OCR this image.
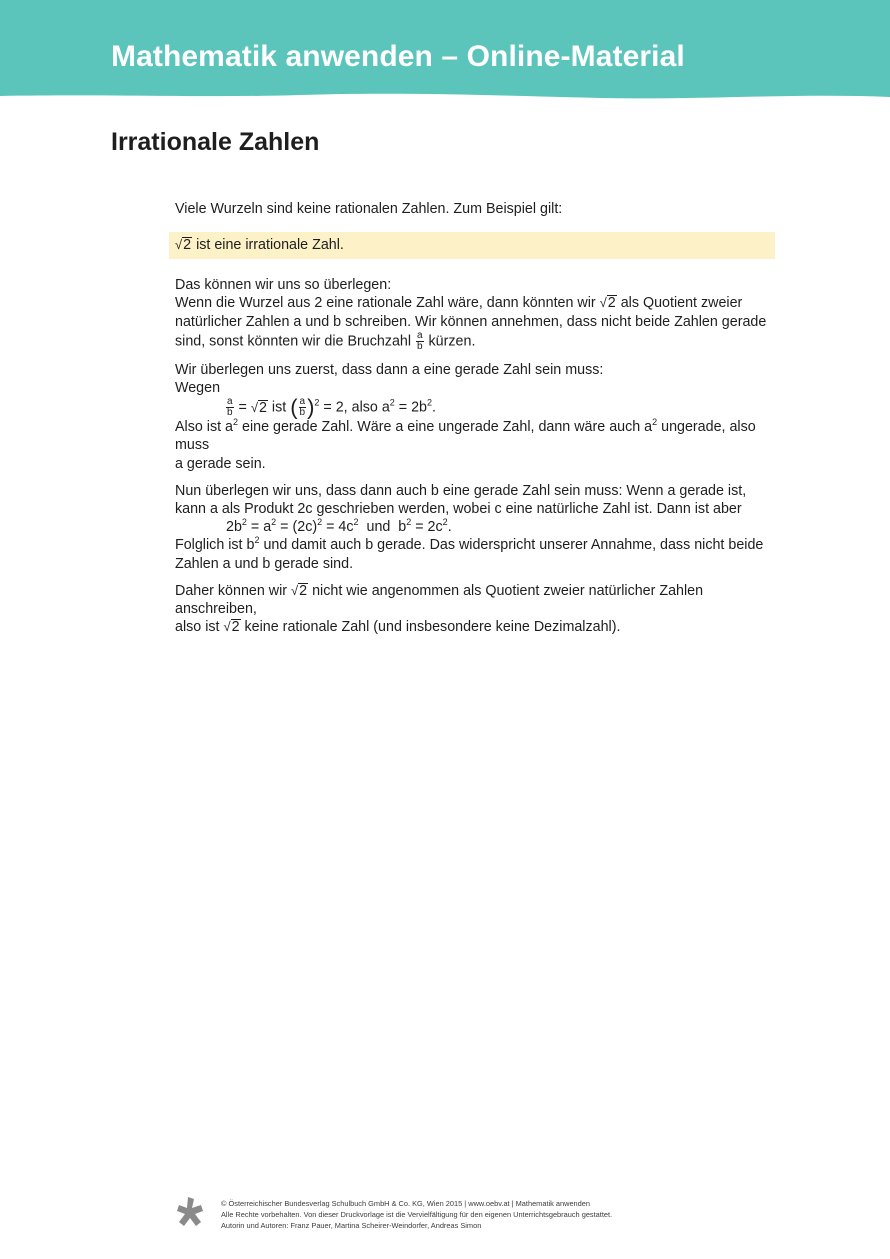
Mathematik anwenden – Online-Material
Irrationale Zahlen
√2 ist eine irrationale Zahl.

Viele Wurzeln sind keine rationalen Zahlen. Zum Beispiel gilt:

Das können wir uns so überlegen:

Wenn die Wurzel aus 2 eine rationale Zahl wäre, dann könnten wir √2 als Quotient zweier

natürlicher Zahlen a und b schreiben. Wir können annehmen, dass nicht beide Zahlen gerade

sind, sonst könnten wir die Bruchzahl $\frac{a}{b}$ kürzen.

Wir überlegen uns zuerst, dass dann a eine gerade Zahl sein muss:

Wegen

$\frac{a}{b} = √2$ ist ( $\frac{a}{b} )^2 = 2$, also $a^2 = 2b^2$.

Also ist $a^2$ eine gerade Zahl. Wäre a eine ungerade Zahl, dann wäre auch $a^2$ ungerade, also muss

a gerade sein.

Nun überlegen wir uns, dass dann auch b eine gerade Zahl sein muss: Wenn a gerade ist,

kann a als Produkt 2c geschrieben werden, wobei c eine natürliche Zahl ist. Dann ist aber

$2b^2 = a^2 = (2c)^2 = 4c^2$  und  $b^2 = 2c^2$.

Folglich ist $b^2$ und damit auch b gerade. Das widerspricht unserer Annahme, dass nicht beide

Zahlen a und b gerade sind.

Daher können wir √2 nicht wie angenommen als Quotient zweier natürlicher Zahlen anschreiben,

also ist √2 keine rationale Zahl (und insbesondere keine Dezimalzahl).

© Österreichischer Bundesverlag Schulbuch GmbH & Co. KG, Wien 2015 | www.oebv.at | Mathematik anwenden
Alle Rechte vorbehalten. Von dieser Druckvorlage ist die Vervielfältigung für den eigenen Unterrichtsgebrauch gestattet.
Autorin und Autoren: Franz Pauer, Martina Scheirer-Weindorfer, Andreas Simon
